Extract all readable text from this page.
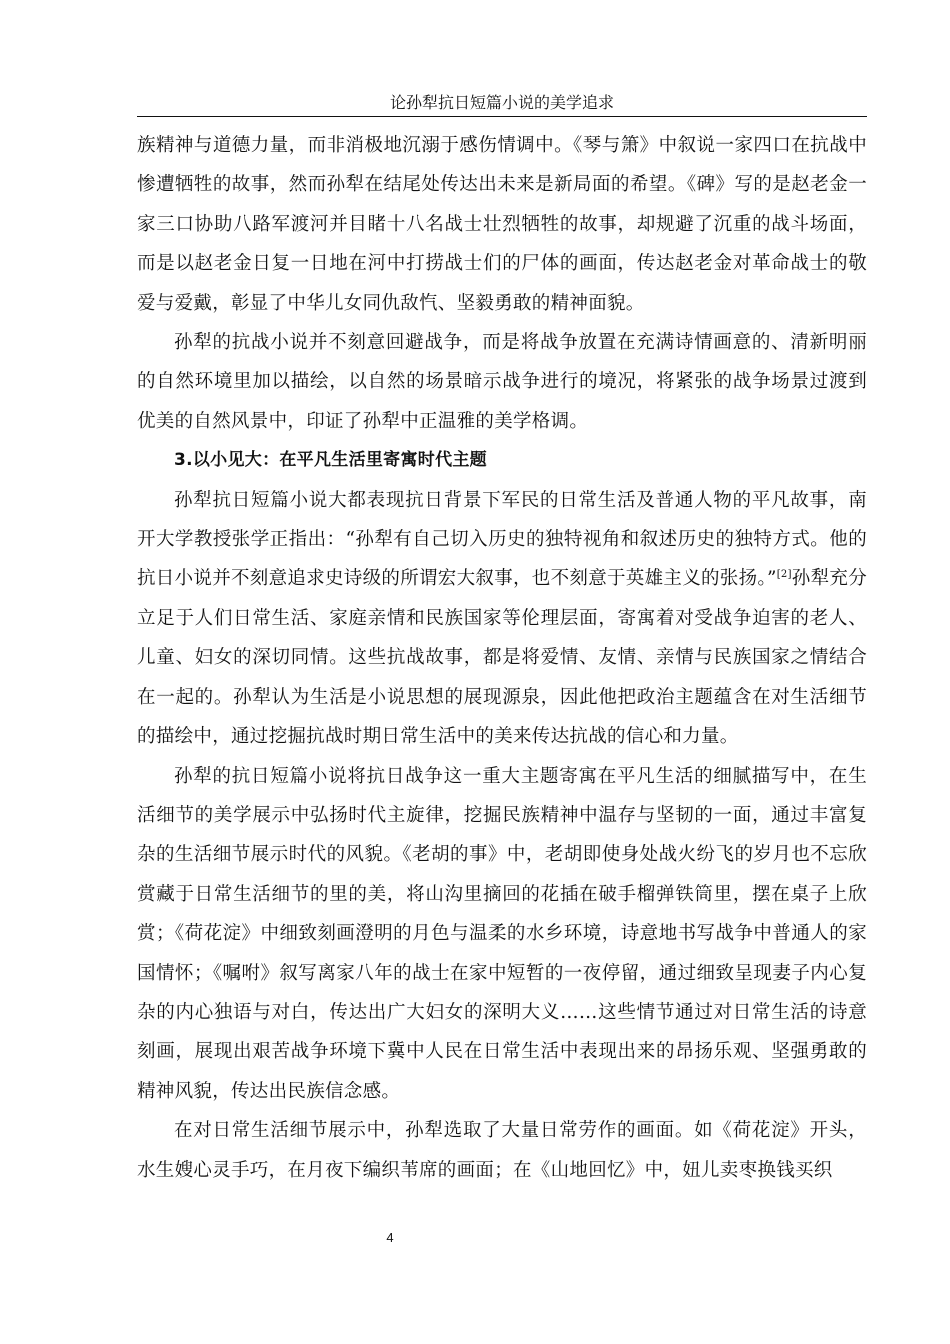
论孙犁抗日短篇小说的美学追求

族精神与道德力量，而非消极地沉溺于感伤情调中。《琴与箫》中叙说一家四口在抗战中惨遭牺牲的故事，然而孙犁在结尾处传达出未来是新局面的希望。《碑》写的是赵老金一家三口协助八路军渡河并目睹十八名战士壮烈牺牲的故事，却规避了沉重的战斗场面，而是以赵老金日复一日地在河中打捞战士们的尸体的画面，传达赵老金对革命战士的敬爱与爱戴，彰显了中华儿女同仇敌忾、坚毅勇敢的精神面貌。

孙犁的抗战小说并不刻意回避战争，而是将战争放置在充满诗情画意的、清新明丽的自然环境里加以描绘，以自然的场景暗示战争进行的境况，将紧张的战争场景过渡到优美的自然风景中，印证了孙犁中正温雅的美学格调。

3.以小见大：在平凡生活里寄寓时代主题

孙犁抗日短篇小说大都表现抗日背景下军民的日常生活及普通人物的平凡故事，南开大学教授张学正指出：“孙犁有自己切入历史的独特视角和叙述历史的独特方式。他的抗日小说并不刻意追求史诗级的所谓宏大叙事，也不刻意于英雄主义的张扬。”[2]孙犁充分立足于人们日常生活、家庭亲情和民族国家等伦理层面，寄寓着对受战争迫害的老人、儿童、妇女的深切同情。这些抗战故事，都是将爱情、友情、亲情与民族国家之情结合在一起的。孙犁认为生活是小说思想的展现源泉，因此他把政治主题蕴含在对生活细节的描绘中，通过挖掘抗战时期日常生活中的美来传达抗战的信心和力量。

孙犁的抗日短篇小说将抗日战争这一重大主题寄寓在平凡生活的细腻描写中，在生活细节的美学展示中弘扬时代主旋律，挖掘民族精神中温存与坚韧的一面，通过丰富复杂的生活细节展示时代的风貌。《老胡的事》中，老胡即使身处战火纷飞的岁月也不忘欣赏藏于日常生活细节的里的美，将山沟里摘回的花插在破手榴弹铁筒里，摆在桌子上欣赏；《荷花淀》中细致刻画澄明的月色与温柔的水乡环境，诗意地书写战争中普通人的家国情怀；《嘱咐》叙写离家八年的战士在家中短暂的一夜停留，通过细致呈现妻子内心复杂的内心独语与对白，传达出广大妇女的深明大义……这些情节通过对日常生活的诗意刻画，展现出艰苦战争环境下冀中人民在日常生活中表现出来的昂扬乐观、坚强勇敢的精神风貌，传达出民族信念感。

在对日常生活细节展示中，孙犁选取了大量日常劳作的画面。如《荷花淀》开头，水生嫂心灵手巧，在月夜下编织苇席的画面；在《山地回忆》中，妞儿卖枣换钱买织

4
